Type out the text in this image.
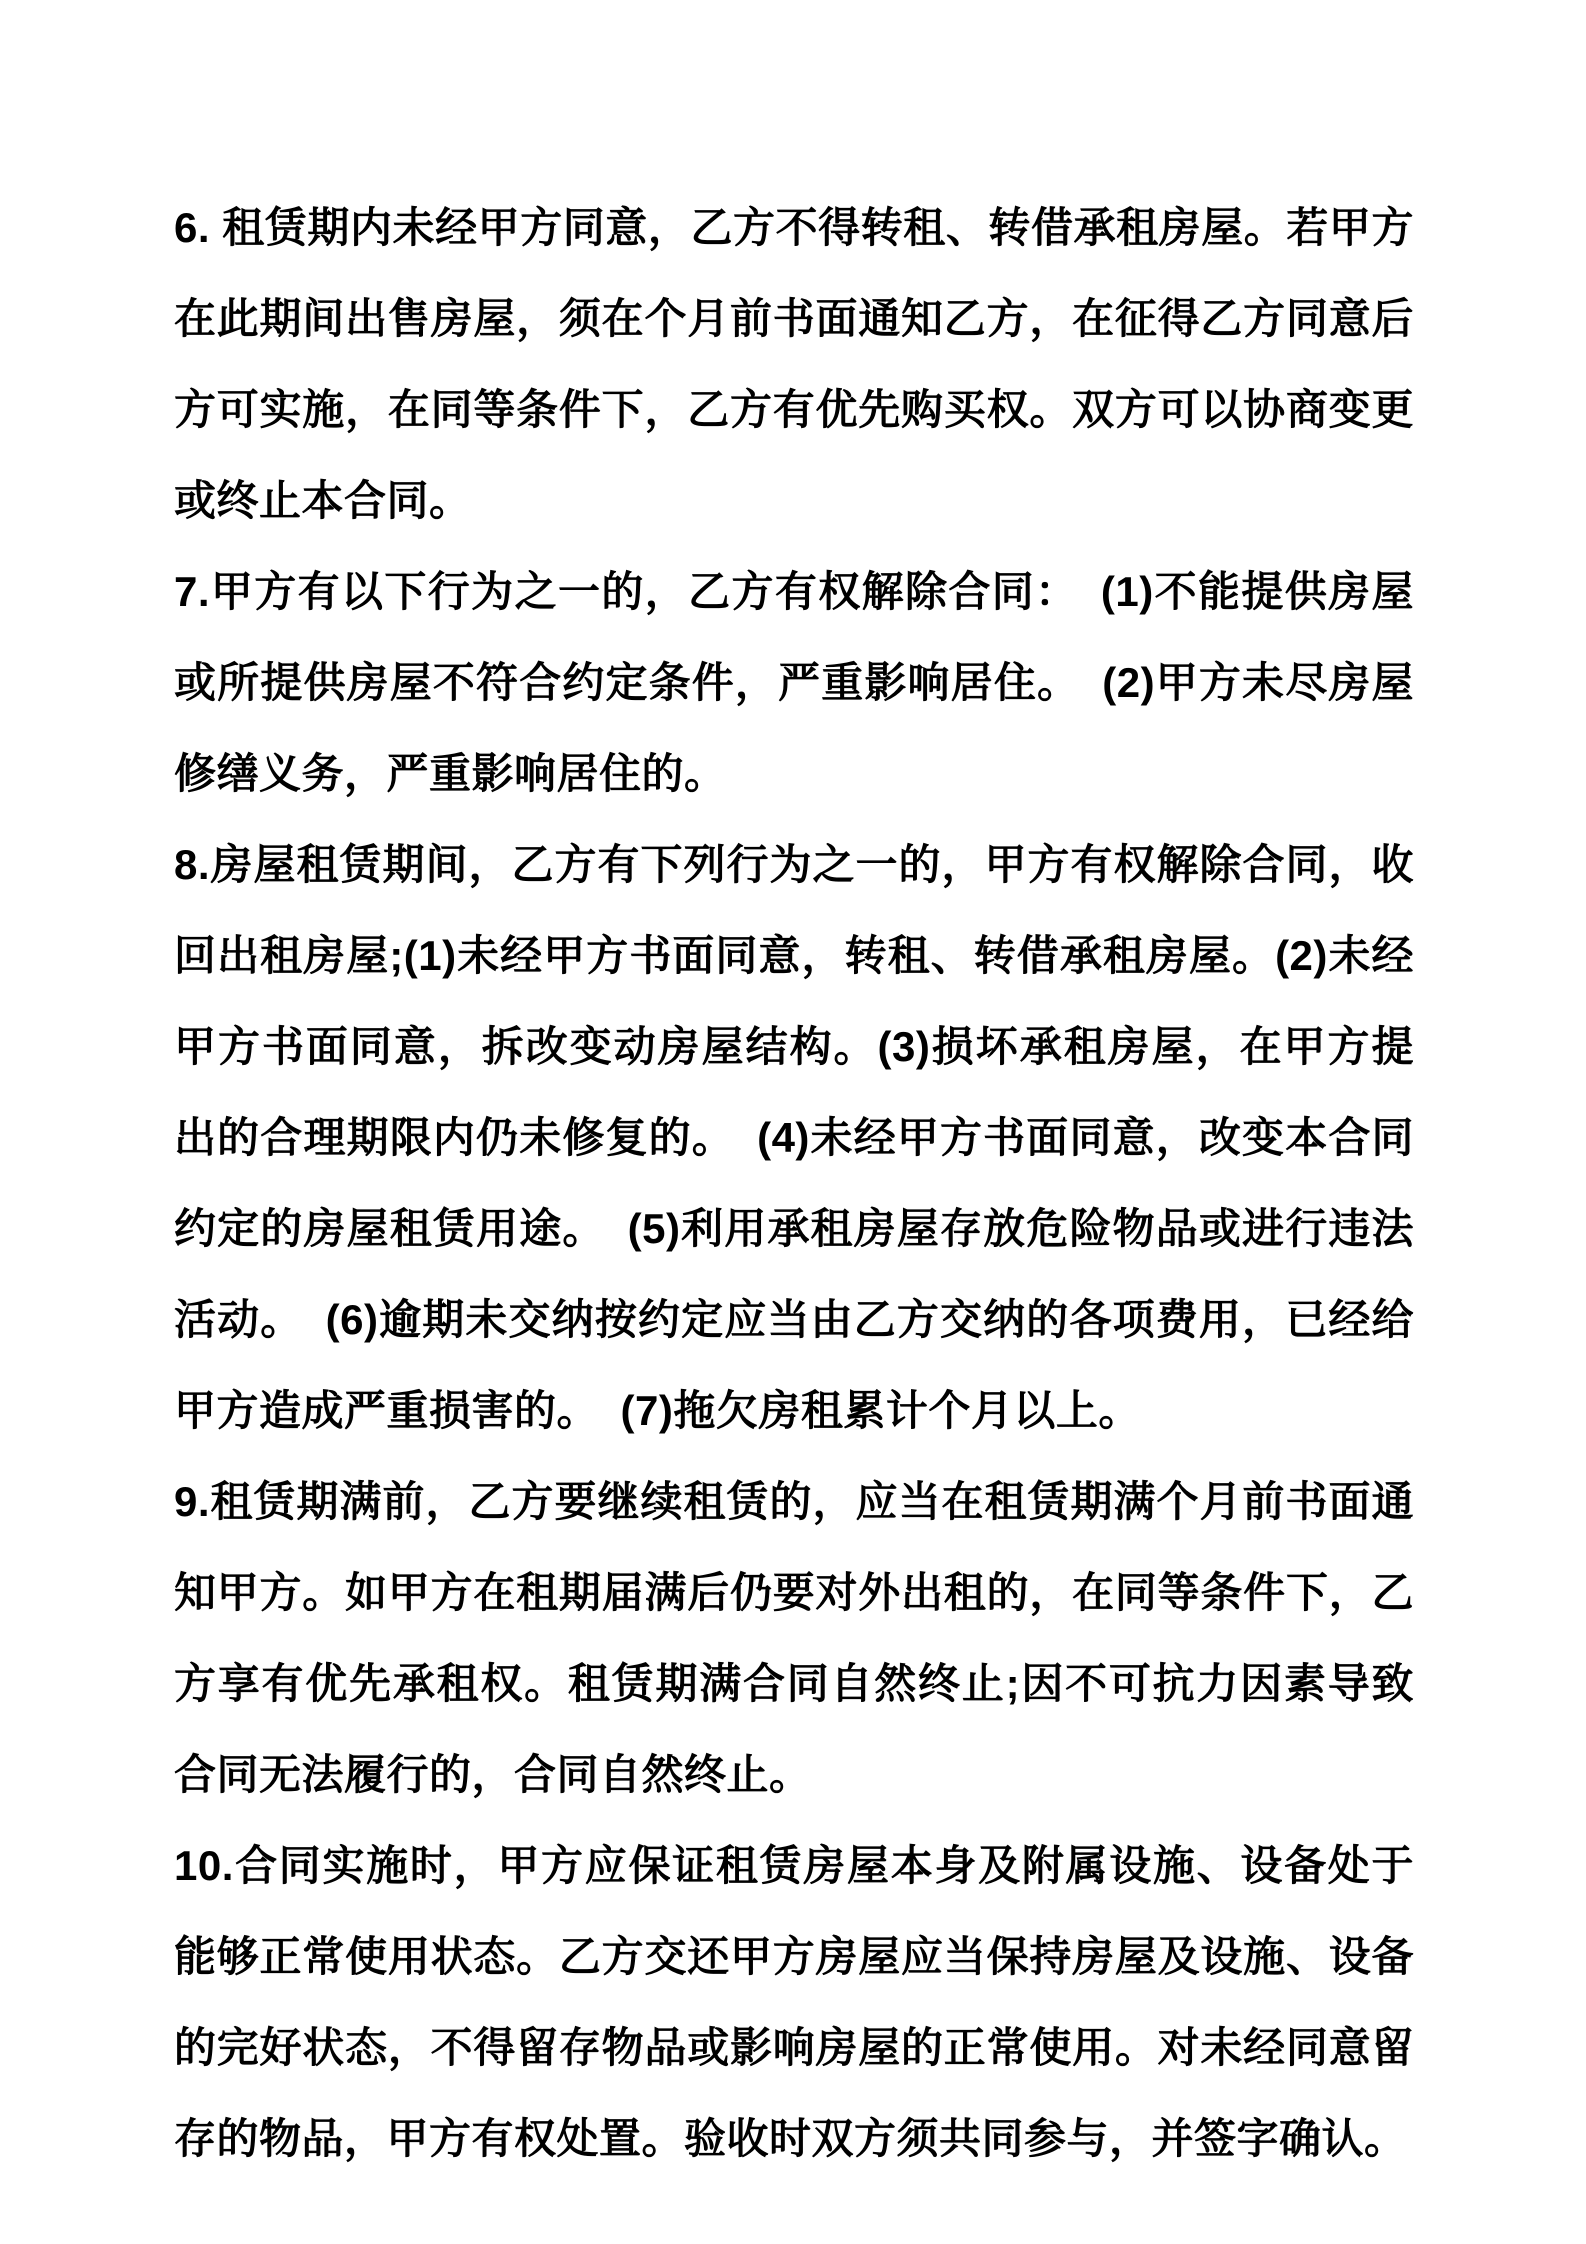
6. 租赁期内未经甲方同意，乙方不得转租、转借承租房屋。若甲方在此期间出售房屋，须在个月前书面通知乙方，在征得乙方同意后方可实施，在同等条件下，乙方有优先购买权。双方可以协商变更或终止本合同。

7.甲方有以下行为之一的，乙方有权解除合同：　(1)不能提供房屋或所提供房屋不符合约定条件，严重影响居住。　(2)甲方未尽房屋修缮义务，严重影响居住的。

8.房屋租赁期间，乙方有下列行为之一的，甲方有权解除合同，收回出租房屋;(1)未经甲方书面同意，转租、转借承租房屋。(2)未经甲方书面同意，拆改变动房屋结构。(3)损坏承租房屋，在甲方提出的合理期限内仍未修复的。　(4)未经甲方书面同意，改变本合同约定的房屋租赁用途。　(5)利用承租房屋存放危险物品或进行违法活动。　(6)逾期未交纳按约定应当由乙方交纳的各项费用，已经给甲方造成严重损害的。　(7)拖欠房租累计个月以上。

9.租赁期满前，乙方要继续租赁的，应当在租赁期满个月前书面通知甲方。如甲方在租期届满后仍要对外出租的，在同等条件下，乙方享有优先承租权。租赁期满合同自然终止;因不可抗力因素导致合同无法履行的，合同自然终止。

10.合同实施时，甲方应保证租赁房屋本身及附属设施、设备处于能够正常使用状态。乙方交还甲方房屋应当保持房屋及设施、设备的完好状态，不得留存物品或影响房屋的正常使用。对未经同意留存的物品，甲方有权处置。验收时双方须共同参与，并签字确认。
